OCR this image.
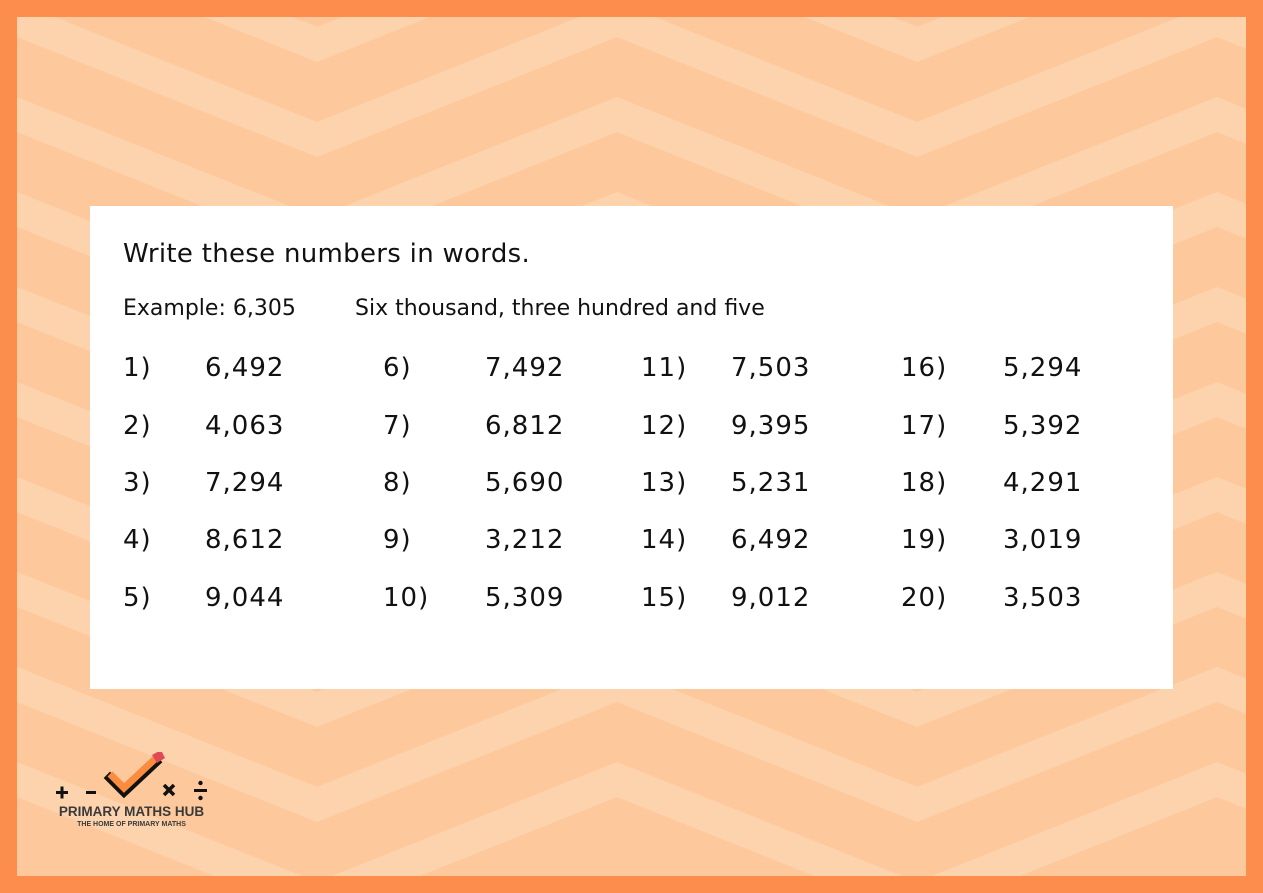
Write these numbers in words.
Example: 6,305	Six thousand, three hundred and five
1) 6,492
2) 4,063
3) 7,294
4) 8,612
5) 9,044
6)	7,492
7)	6,812
8)	5,690
9)	3,212
10) 5,309
11) 7,503
12) 9,395
13) 5,231
14) 6,492
15) 9,012
16) 5,294
17) 5,392
18) 4,291
19) 3,019
20) 3,503
PRIMARY MATHS HUB
THE HOME OF PRIMARY MATHS
